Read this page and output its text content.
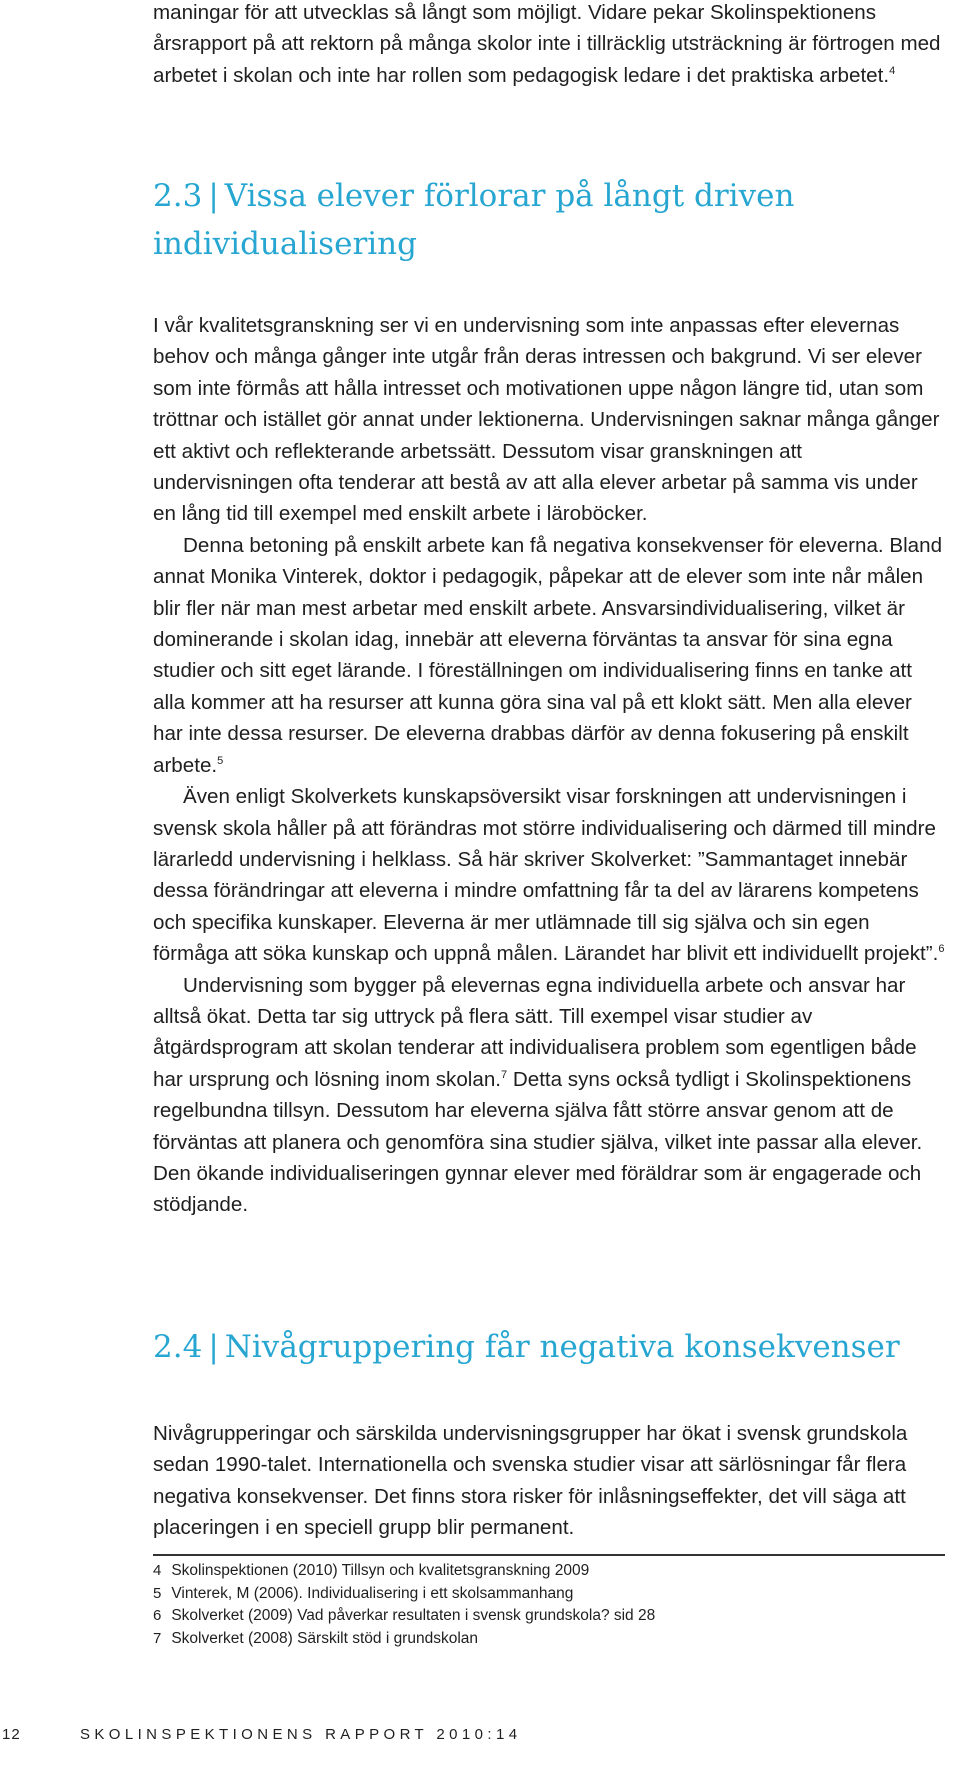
maningar för att utvecklas så långt som möjligt. Vidare pekar Skolinspektionens årsrapport på att rektorn på många skolor inte i tillräcklig utsträckning är förtrogen med arbetet i skolan och inte har rollen som pedagogisk ledare i det praktiska arbetet.$^4$

2.3 | Vissa elever förlorar på långt driven individualisering

I vår kvalitetsgranskning ser vi en undervisning som inte anpassas efter elevernas behov och många gånger inte utgår från deras intressen och bakgrund. Vi ser elever som inte förmås att hålla intresset och motivationen uppe någon längre tid, utan som tröttnar och istället gör annat under lektionerna. Undervisningen saknar många gånger ett aktivt och reflekterande arbetssätt. Dessutom visar granskningen att undervisningen ofta tenderar att bestå av att alla elever arbetar på samma vis under en lång tid till exempel med enskilt arbete i läroböcker.

Denna betoning på enskilt arbete kan få negativa konsekvenser för eleverna. Bland annat Monika Vinterek, doktor i pedagogik, påpekar att de elever som inte når målen blir fler när man mest arbetar med enskilt arbete. Ansvarsindividualisering, vilket är dominerande i skolan idag, innebär att eleverna förväntas ta ansvar för sina egna studier och sitt eget lärande. I föreställningen om individualisering finns en tanke att alla kommer att ha resurser att kunna göra sina val på ett klokt sätt. Men alla elever har inte dessa resurser. De eleverna drabbas därför av denna fokusering på enskilt arbete.$^5$

Även enligt Skolverkets kunskapsöversikt visar forskningen att undervisningen i svensk skola håller på att förändras mot större individualisering och därmed till mindre lärarledd undervisning i helklass. Så här skriver Skolverket: ”Sammantaget innebär dessa förändringar att eleverna i mindre omfattning får ta del av lärarens kompetens och specifika kunskaper. Eleverna är mer utlämnade till sig själva och sin egen förmåga att söka kunskap och uppnå målen. Lärandet har blivit ett individuellt projekt”.$^6$

Undervisning som bygger på elevernas egna individuella arbete och ansvar har alltså ökat. Detta tar sig uttryck på flera sätt. Till exempel visar studier av åtgärdsprogram att skolan tenderar att individualisera problem som egentligen både har ursprung och lösning inom skolan.$^7$ Detta syns också tydligt i Skolinspektionens regelbundna tillsyn. Dessutom har eleverna själva fått större ansvar genom att de förväntas att planera och genomföra sina studier själva, vilket inte passar alla elever. Den ökande individualiseringen gynnar elever med föräldrar som är engagerade och stödjande.

2.4 | Nivågruppering får negativa konsekvenser

Nivågrupperingar och särskilda undervisningsgrupper har ökat i svensk grundskola sedan 1990-talet. Internationella och svenska studier visar att särlösningar får flera negativa konsekvenser. Det finns stora risker för inlåsningseffekter, det vill säga att placeringen i en speciell grupp blir permanent.

4 Skolinspektionen (2010) Tillsyn och kvalitetsgranskning 2009
5 Vinterek, M (2006). Individualisering i ett skolsammanhang
6 Skolverket (2009) Vad påverkar resultaten i svensk grundskola? sid 28
7 Skolverket (2008) Särskilt stöd i grundskolan
12	SKOLINSPEKTIONENS RAPPORT 2010:14
